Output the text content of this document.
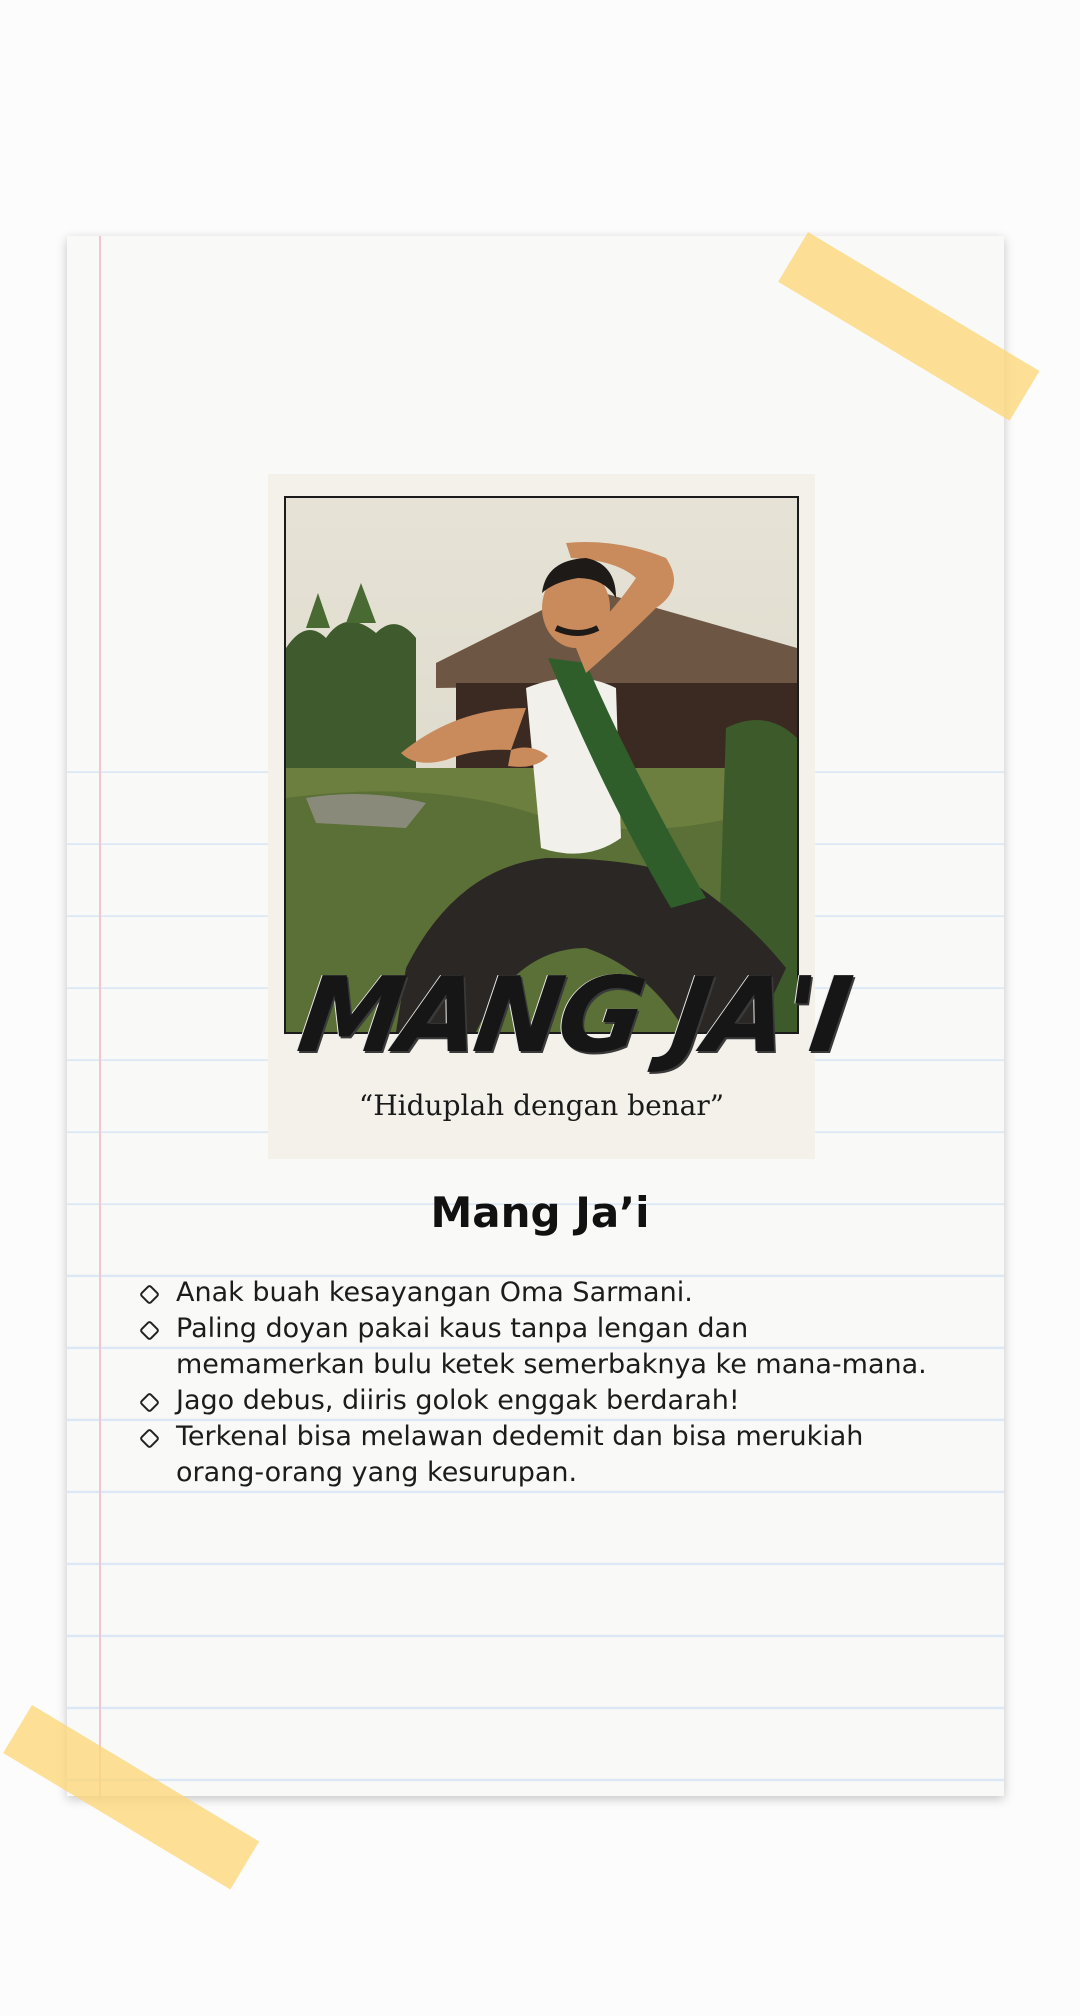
MANG JA'I
“Hiduplah dengan benar”
Mang Ja’i
Anak buah kesayangan Oma Sarmani.
Paling doyan pakai kaus tanpa lengan dan memamerkan bulu ketek semerbaknya ke mana-mana.
Jago debus, diiris golok enggak berdarah!
Terkenal bisa melawan dedemit dan bisa merukiah orang-orang yang kesurupan.
